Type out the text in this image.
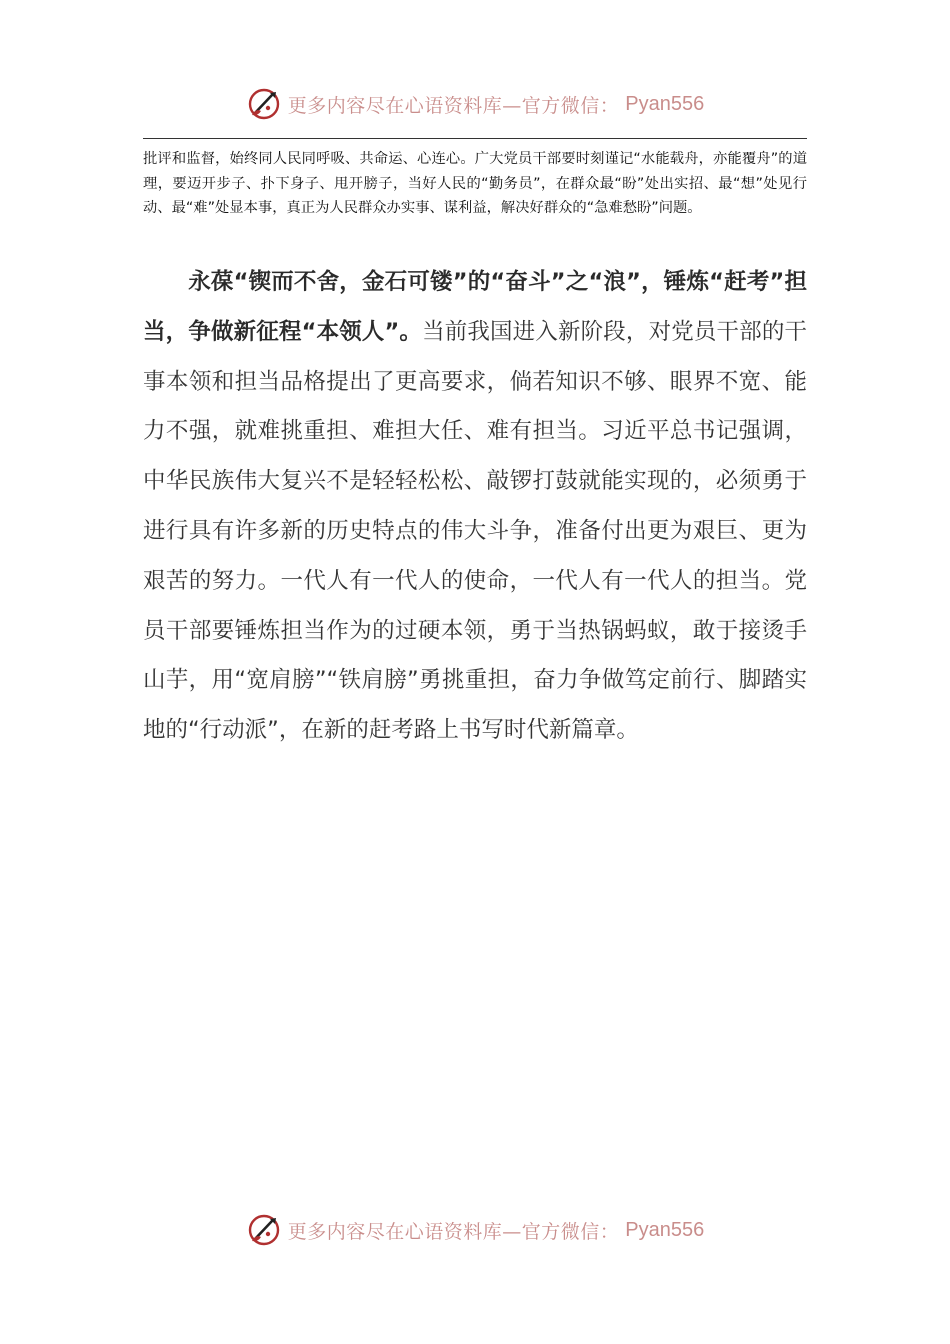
更多内容尽在心语资料库—官方微信： Pyan556

批评和监督，始终同人民同呼吸、共命运、心连心。广大党员干部要时刻谨记“水能载舟，亦能覆舟”的道理，要迈开步子、扑下身子、甩开膀子，当好人民的“勤务员”，在群众最“盼”处出实招、最“想”处见行动、最“难”处显本事，真正为人民群众办实事、谋利益，解决好群众的“急难愁盼”问题。

永葆“锲而不舍，金石可镂”的“奋斗”之“浪”，锤炼“赶考”担当，争做新征程“本领人”。当前我国进入新阶段，对党员干部的干事本领和担当品格提出了更高要求，倘若知识不够、眼界不宽、能力不强，就难挑重担、难担大任、难有担当。习近平总书记强调，中华民族伟大复兴不是轻轻松松、敲锣打鼓就能实现的，必须勇于进行具有许多新的历史特点的伟大斗争，准备付出更为艰巨、更为艰苦的努力。一代人有一代人的使命，一代人有一代人的担当。党员干部要锤炼担当作为的过硬本领，勇于当热锅蚂蚁，敢于接烫手山芋，用“宽肩膀”“铁肩膀”勇挑重担，奋力争做笃定前行、脚踏实地的“行动派”，在新的赶考路上书写时代新篇章。

更多内容尽在心语资料库—官方微信： Pyan556
